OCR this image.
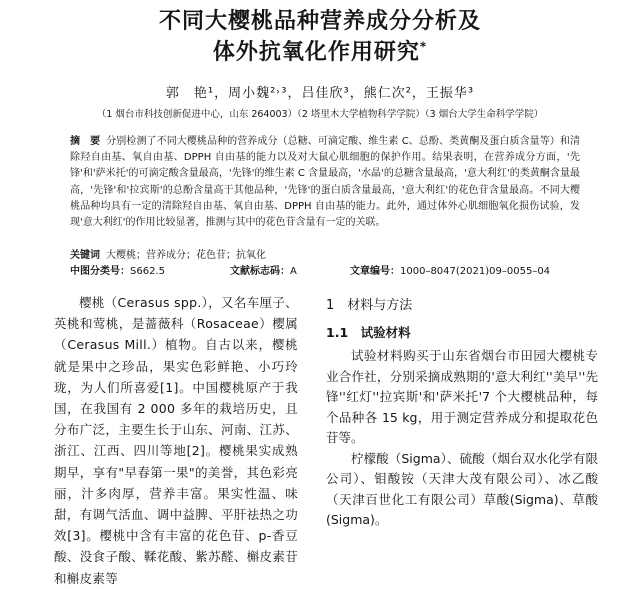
不同大樱桃品种营养成分分析及
体外抗氧化作用研究*
郭　艳¹，周小魏²˒³，吕佳欣³，熊仁次²，王振华³
（1 烟台市科技创新促进中心，山东 264003）（2 塔里木大学植物科学学院）（3 烟台大学生命科学学院）
摘　要 分别检测了不同大樱桃品种的营养成分（总糖、可滴定酸、维生素 C、总酚、类黄酮及蛋白质含量等）和清除羟自由基、氧自由基、DPPH 自由基的能力以及对大鼠心肌细胞的保护作用。结果表明，在营养成分方面，'先锋'和'萨米托'的可滴定酸含量最高，'先锋'的维生素 C 含量最高，'水晶'的总糖含量最高，'意大利红'的类黄酮含量最高，'先锋'和'拉宾斯'的总酚含量高于其他品种，'先锋'的蛋白质含量最高，'意大利红'的花色苷含量最高。不同大樱桃品种均具有一定的清除羟自由基、氧自由基、DPPH 自由基的能力。此外，通过体外心肌细胞氧化损伤试验，发现'意大利红'的作用比较显著，推测与其中的花色苷含量有一定的关联。
关键词 大樱桃；营养成分；花色苷；抗氧化
中图分类号：S662.5	文献标志码：A	文章编号：1000–8047(2021)09–0055–04

樱桃（Cerasus spp.），又名车厘子、英桃和莺桃，是蔷薇科（Rosaceae）樱属（Cerasus Mill.）植物。自古以来，樱桃就是果中之珍品，果实色彩鲜艳、小巧玲珑，为人们所喜爱[1]。中国樱桃原产于我国，在我国有 2 000 多年的栽培历史，且分布广泛，主要生长于山东、河南、江苏、浙江、江西、四川等地[2]。樱桃果实成熟期早，享有"早春第一果"的美誉，其色彩亮丽，汁多肉厚，营养丰富。果实性温、味甜，有调气活血、调中益脾、平肝祛热之功效[3]。樱桃中含有丰富的花色苷、p-香豆酸、没食子酸、鞣花酸、紫苏醛、槲皮素苷和槲皮素等

1　材料与方法
1.1　试验材料

试验材料购买于山东省烟台市田园大樱桃专业合作社，分别采摘成熟期的'意大利红''美早''先锋''红灯''拉宾斯'和'萨米托'7 个大樱桃品种，每个品种各 15 kg，用于测定营养成分和提取花色苷等。

柠檬酸（Sigma）、硫酸（烟台双水化学有限公司）、钼酸铵（天津大茂有限公司）、冰乙酸（天津百世化工有限公司）草酸(Sigma)、草酸(Sigma)。
